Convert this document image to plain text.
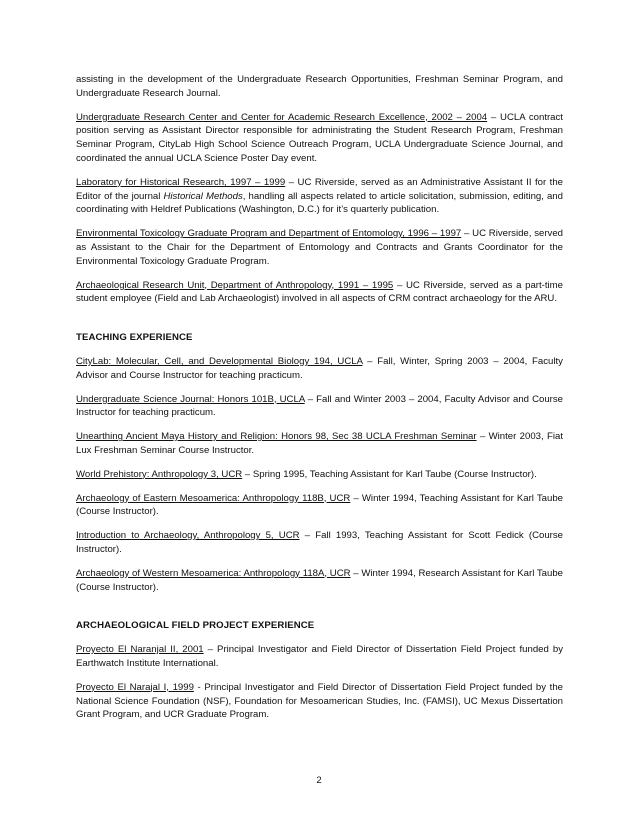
assisting in the development of the Undergraduate Research Opportunities, Freshman Seminar Program, and Undergraduate Research Journal.

Undergraduate Research Center and Center for Academic Research Excellence, 2002 – 2004 – UCLA contract position serving as Assistant Director responsible for administrating the Student Research Program, Freshman Seminar Program, CityLab High School Science Outreach Program, UCLA Undergraduate Science Journal, and coordinated the annual UCLA Science Poster Day event.

Laboratory for Historical Research, 1997 – 1999 – UC Riverside, served as an Administrative Assistant II for the Editor of the journal Historical Methods, handling all aspects related to article solicitation, submission, editing, and coordinating with Heldref Publications (Washington, D.C.) for it’s quarterly publication.

Environmental Toxicology Graduate Program and Department of Entomology, 1996 – 1997 – UC Riverside, served as Assistant to the Chair for the Department of Entomology and Contracts and Grants Coordinator for the Environmental Toxicology Graduate Program.

Archaeological Research Unit, Department of Anthropology, 1991 – 1995 – UC Riverside, served as a part-time student employee (Field and Lab Archaeologist) involved in all aspects of CRM contract archaeology for the ARU.

TEACHING EXPERIENCE

CityLab: Molecular, Cell, and Developmental Biology 194, UCLA – Fall, Winter, Spring 2003 – 2004, Faculty Advisor and Course Instructor for teaching practicum.

Undergraduate Science Journal: Honors 101B, UCLA – Fall and Winter 2003 – 2004, Faculty Advisor and Course Instructor for teaching practicum.

Unearthing Ancient Maya History and Religion: Honors 98, Sec 38 UCLA Freshman Seminar – Winter 2003, Fiat Lux Freshman Seminar Course Instructor.

World Prehistory: Anthropology 3, UCR – Spring 1995, Teaching Assistant for Karl Taube (Course Instructor).

Archaeology of Eastern Mesoamerica: Anthropology 118B, UCR – Winter 1994, Teaching Assistant for Karl Taube (Course Instructor).

Introduction to Archaeology, Anthropology 5, UCR – Fall 1993, Teaching Assistant for Scott Fedick (Course Instructor).

Archaeology of Western Mesoamerica: Anthropology 118A, UCR – Winter 1994, Research Assistant for Karl Taube (Course Instructor).

ARCHAEOLOGICAL FIELD PROJECT EXPERIENCE

Proyecto El Naranjal II, 2001 – Principal Investigator and Field Director of Dissertation Field Project funded by Earthwatch Institute International.

Proyecto El Narajal I, 1999 - Principal Investigator and Field Director of Dissertation Field Project funded by the National Science Foundation (NSF), Foundation for Mesoamerican Studies, Inc. (FAMSI), UC Mexus Dissertation Grant Program, and UCR Graduate Program.

2
